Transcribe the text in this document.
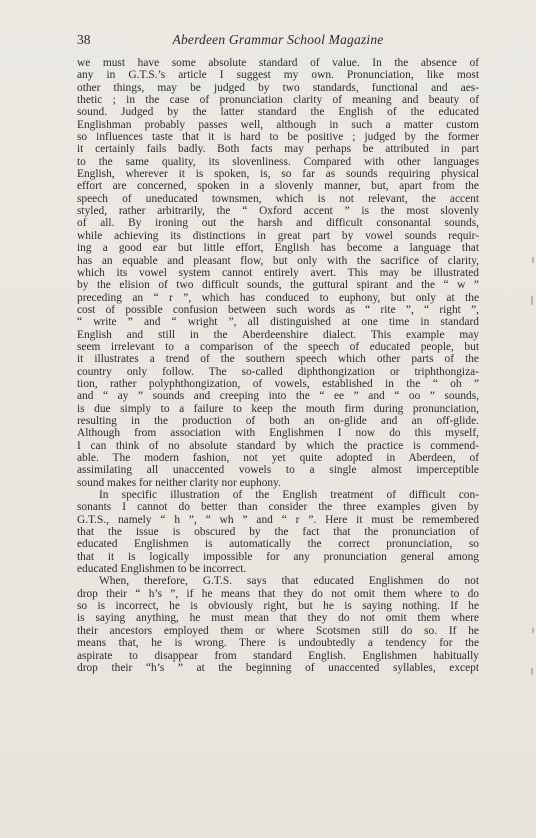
38	Aberdeen Grammar School Magazine
we must have some absolute standard of value. In the absence of
any in G.T.S.’s article I suggest my own. Pronunciation, like most
other things, may be judged by two standards, functional and aes-
thetic ; in the case of pronunciation clarity of meaning and beauty of
sound. Judged by the latter standard the English of the educated
Englishman probably passes well, although in such a matter custom
so influences taste that it is hard to be positive ; judged by the former
it certainly fails badly. Both facts may perhaps be attributed in part
to the same quality, its slovenliness. Compared with other languages
English, wherever it is spoken, is, so far as sounds requiring physical
effort are concerned, spoken in a slovenly manner, but, apart from the
speech of uneducated townsmen, which is not relevant, the accent
styled, rather arbitrarily, the “ Oxford accent ” is the most slovenly
of all. By ironing out the harsh and difficult consonantal sounds,
while achieving its distinctions in great part by vowel sounds requir-
ing a good ear but little effort, English has become a language that
has an equable and pleasant flow, but only with the sacrifice of clarity,
which its vowel system cannot entirely avert. This may be illustrated
by the elision of two difficult sounds, the guttural spirant and the “ w ”
preceding an “ r ”, which has conduced to euphony, but only at the
cost of possible confusion between such words as “ rite ”, “ right ”,
“ write ” and “ wright ”, all distinguished at one time in standard
English and still in the Aberdeenshire dialect. This example may
seem irrelevant to a comparison of the speech of educated people, but
it illustrates a trend of the southern speech which other parts of the
country only follow. The so-called diphthongization or triphthongiza-
tion, rather polyphthongization, of vowels, established in the “ oh ”
and “ ay ” sounds and creeping into the “ ee ” and “ oo ” sounds,
is due simply to a failure to keep the mouth firm during pronunciation,
resulting in the production of both an on-glide and an off-glide.
Although from association with Englishmen I now do this myself,
I can think of no absolute standard by which the practice is commend-
able. The modern fashion, not yet quite adopted in Aberdeen, of
assimilating all unaccented vowels to a single almost imperceptible
sound makes for neither clarity nor euphony.
In specific illustration of the English treatment of difficult con-
sonants I cannot do better than consider the three examples given by
G.T.S., namely “ h ”, “ wh ” and “ r ”. Here it must be remembered
that the issue is obscured by the fact that the pronunciation of
educated Englishmen is automatically the correct pronunciation, so
that it is logically impossible for any pronunciation general among
educated Englishmen to be incorrect.
When, therefore, G.T.S. says that educated Englishmen do not
drop their “ h’s ”, if he means that they do not omit them where to do
so is incorrect, he is obviously right, but he is saying nothing. If he
is saying anything, he must mean that they do not omit them where
their ancestors employed them or where Scotsmen still do so. If he
means that, he is wrong. There is undoubtedly a tendency for the
aspirate to disappear from standard English. Englishmen habitually
drop their “h’s ” at the beginning of unaccented syllables, except
